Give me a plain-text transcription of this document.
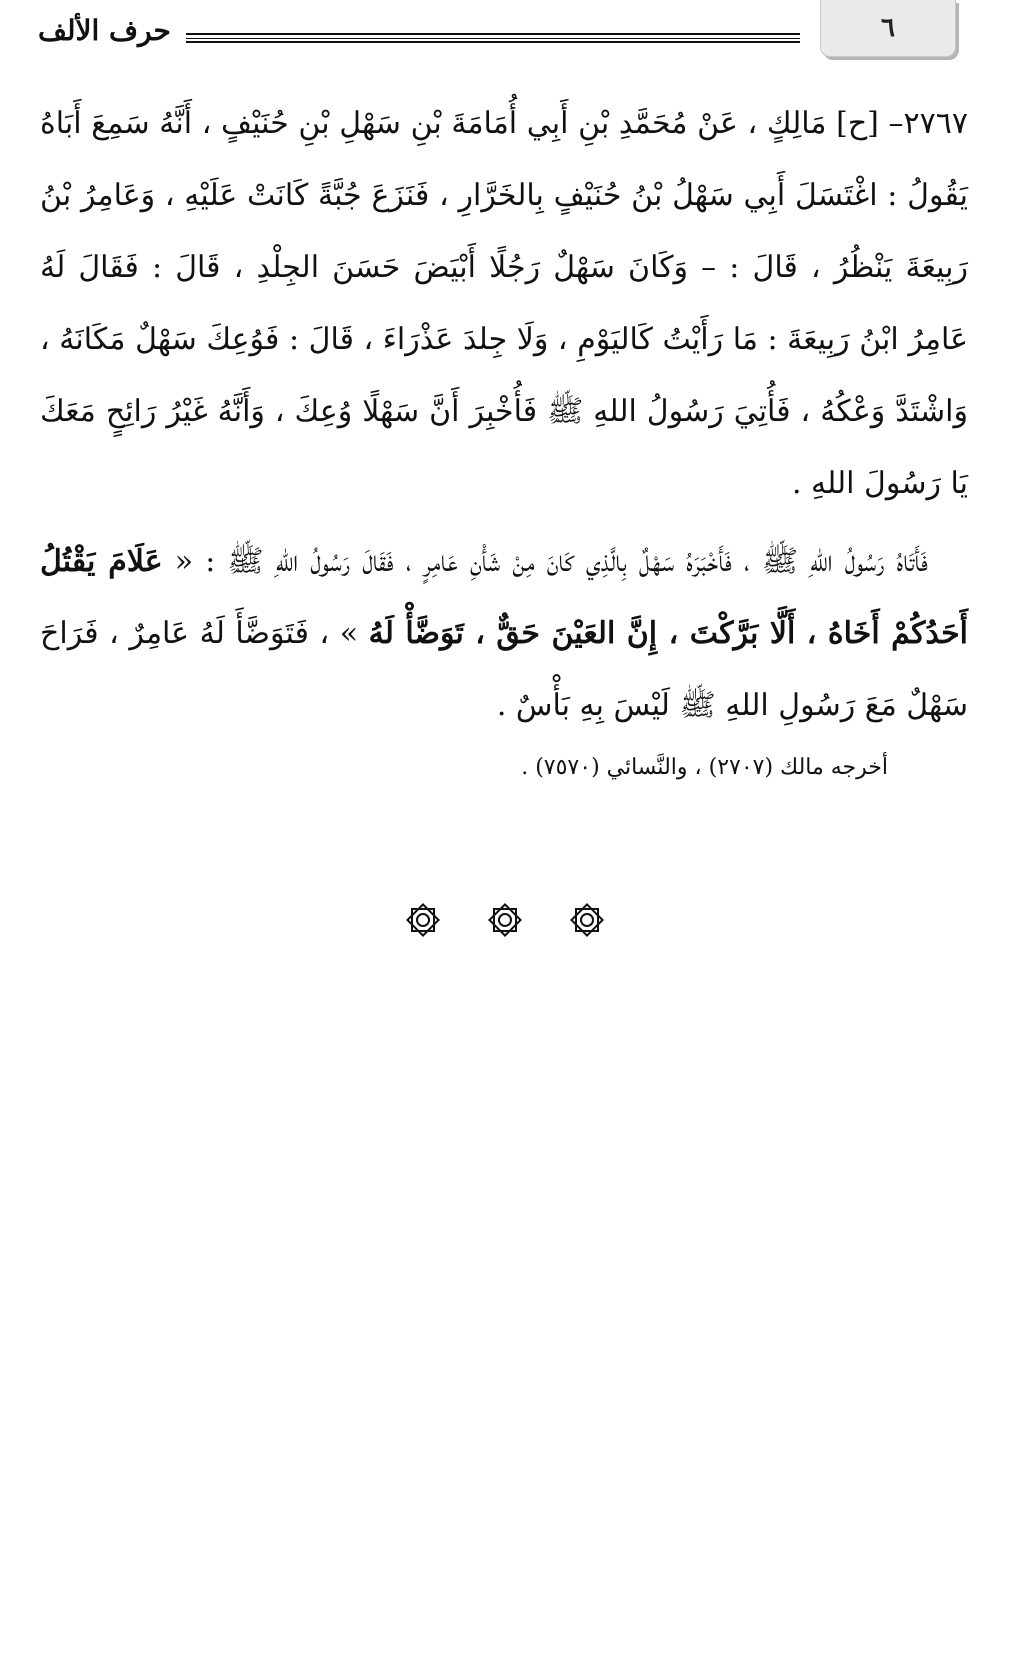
٦
حرف الألف

٢٧٦٧– [ح] مَالِكٍ ، عَنْ مُحَمَّدِ بْنِ أَبِي أُمَامَةَ بْنِ سَهْلِ بْنِ حُنَيْفٍ ، أَنَّهُ سَمِعَ أَبَاهُ يَقُولُ : اغْتَسَلَ أَبِي سَهْلُ بْنُ حُنَيْفٍ بِالخَرَّارِ ، فَنَزَعَ جُبَّةً كَانَتْ عَلَيْهِ ، وَعَامِرُ بْنُ رَبِيعَةَ يَنْظُرُ ، قَالَ : – وَكَانَ سَهْلٌ رَجُلًا أَبْيَضَ حَسَنَ الجِلْدِ ، قَالَ : فَقَالَ لَهُ عَامِرُ ابْنُ رَبِيعَةَ : مَا رَأَيْتُ كَاليَوْمِ ، وَلَا جِلدَ عَذْرَاءَ ، قَالَ : فَوُعِكَ سَهْلٌ مَكَانَهُ ، وَاشْتَدَّ وَعْكُهُ ، فَأُتِيَ رَسُولُ اللهِ ﷺ فَأُخْبِرَ أَنَّ سَهْلًا وُعِكَ ، وَأَنَّهُ غَيْرُ رَائِحٍ مَعَكَ يَا رَسُولَ اللهِ .

فَأَتَاهُ رَسُولُ اللهِ ﷺ ، فَأَخْبَرَهُ سَهْلٌ بِالَّذِي كَانَ مِنْ شَأْنِ عَامِرٍ ، فَقَالَ رَسُولُ اللهِ ﷺ : « عَلَامَ يَقْتُلُ أَحَدُكُمْ أَخَاهُ ، أَلَّا بَرَّكْتَ ، إِنَّ العَيْنَ حَقٌّ ، تَوَضَّأْ لَهُ » ، فَتَوَضَّأَ لَهُ عَامِرٌ ، فَرَاحَ سَهْلٌ مَعَ رَسُولِ اللهِ ﷺ لَيْسَ بِهِ بَأْسٌ .

أخرجه مالك (٢٧٠٧) ، والنَّسائي (٧٥٧٠) .
